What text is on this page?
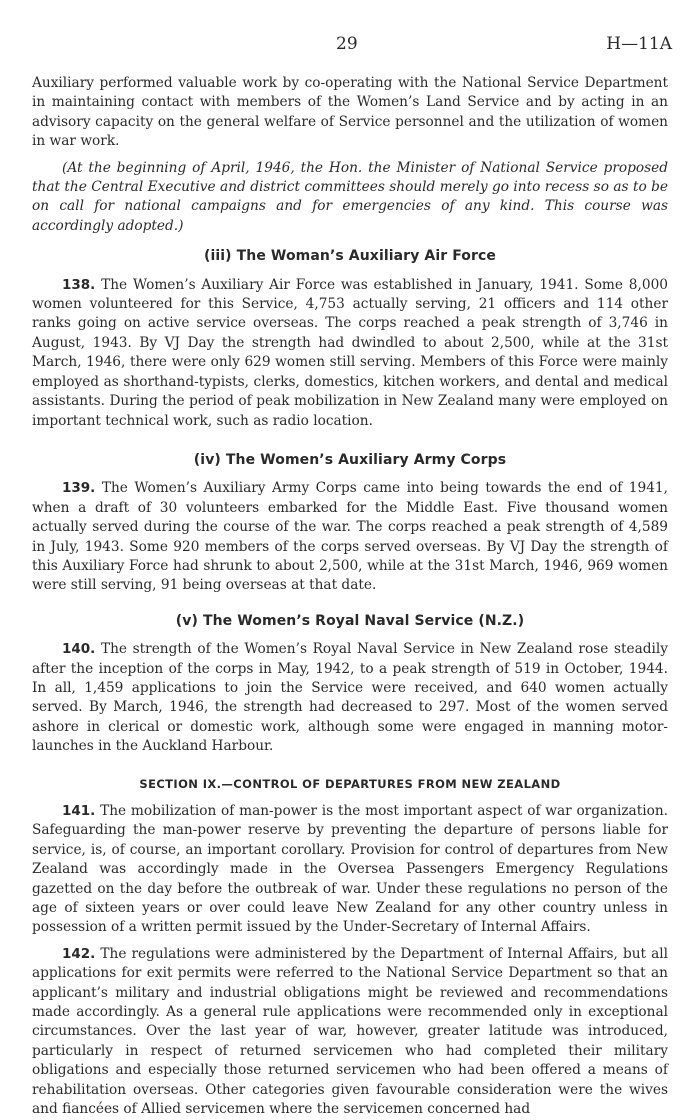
29	H—11A

Auxiliary performed valuable work by co-operating with the National Service Department in maintaining contact with members of the Women’s Land Service and by acting in an advisory capacity on the general welfare of Service personnel and the utilization of women in war work.

(At the beginning of April, 1946, the Hon. the Minister of National Service proposed that the Central Executive and district committees should merely go into recess so as to be on call for national campaigns and for emergencies of any kind. This course was accordingly adopted.)

(iii) The Woman’s Auxiliary Air Force

138. The Women’s Auxiliary Air Force was established in January, 1941. Some 8,000 women volunteered for this Service, 4,753 actually serving, 21 officers and 114 other ranks going on active service overseas. The corps reached a peak strength of 3,746 in August, 1943. By VJ Day the strength had dwindled to about 2,500, while at the 31st March, 1946, there were only 629 women still serving. Members of this Force were mainly employed as shorthand-typists, clerks, domestics, kitchen workers, and dental and medical assistants. During the period of peak mobilization in New Zealand many were employed on important technical work, such as radio location.

(iv) The Women’s Auxiliary Army Corps

139. The Women’s Auxiliary Army Corps came into being towards the end of 1941, when a draft of 30 volunteers embarked for the Middle East. Five thousand women actually served during the course of the war. The corps reached a peak strength of 4,589 in July, 1943. Some 920 members of the corps served overseas. By VJ Day the strength of this Auxiliary Force had shrunk to about 2,500, while at the 31st March, 1946, 969 women were still serving, 91 being overseas at that date.

(v) The Women’s Royal Naval Service (N.Z.)

140. The strength of the Women’s Royal Naval Service in New Zealand rose steadily after the inception of the corps in May, 1942, to a peak strength of 519 in October, 1944. In all, 1,459 applications to join the Service were received, and 640 women actually served. By March, 1946, the strength had decreased to 297. Most of the women served ashore in clerical or domestic work, although some were engaged in manning motor-launches in the Auckland Harbour.

SECTION IX.—CONTROL OF DEPARTURES FROM NEW ZEALAND

141. The mobilization of man-power is the most important aspect of war organization. Safeguarding the man-power reserve by preventing the departure of persons liable for service, is, of course, an important corollary. Provision for control of departures from New Zealand was accordingly made in the Oversea Passengers Emergency Regulations gazetted on the day before the outbreak of war. Under these regulations no person of the age of sixteen years or over could leave New Zealand for any other country unless in possession of a written permit issued by the Under-Secretary of Internal Affairs.

142. The regulations were administered by the Department of Internal Affairs, but all applications for exit permits were referred to the National Service Department so that an applicant’s military and industrial obligations might be reviewed and recommendations made accordingly. As a general rule applications were recommended only in exceptional circumstances. Over the last year of war, however, greater latitude was introduced, particularly in respect of returned servicemen who had completed their military obligations and especially those returned servicemen who had been offered a means of rehabilitation overseas. Other categories given favourable consideration were the wives and fiancées of Allied servicemen where the servicemen concerned had
